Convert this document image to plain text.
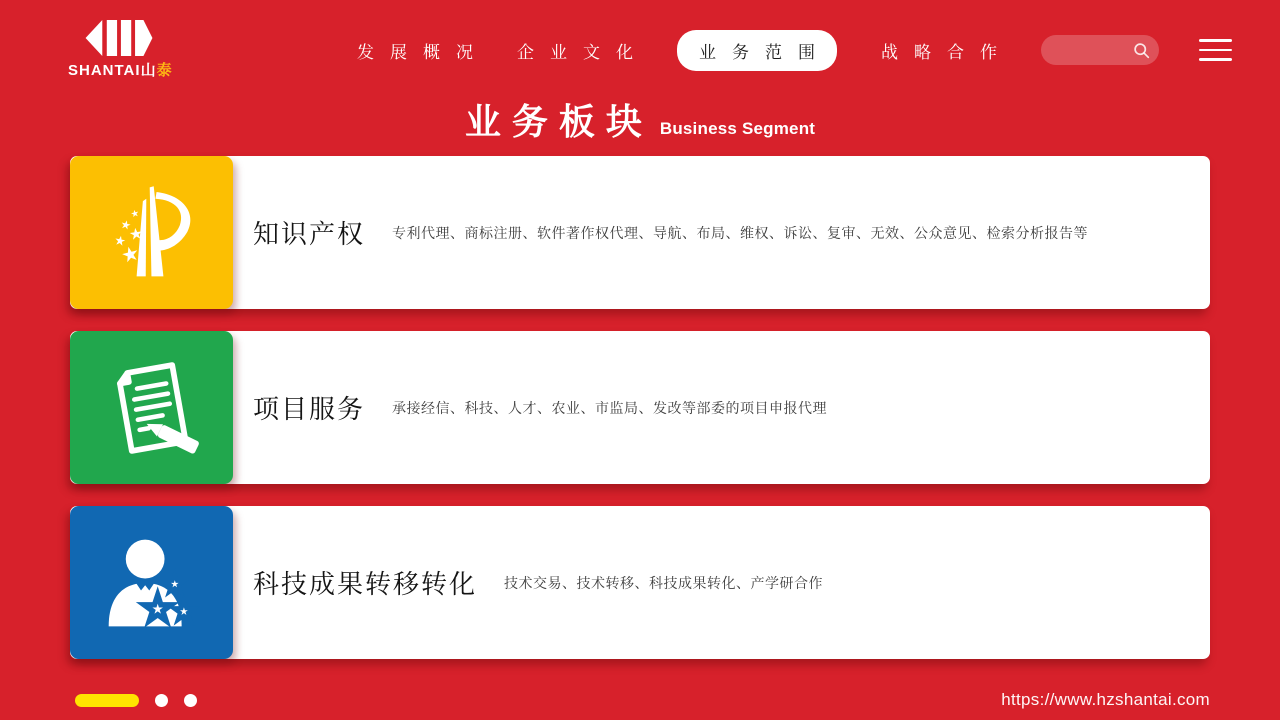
SHANTAI山泰
发展概况 企业文化	业务范围	战略合作
业务板块 Business Segment
知识产权 专利代理、商标注册、软件著作权代理、导航、布局、维权、诉讼、复审、无效、公众意见、检索分析报告等
项目服务 承接经信、科技、人才、农业、市监局、发改等部委的项目申报代理
科技成果转移转化 技术交易、技术转移、科技成果转化、产学研合作
https://www.hzshantai.com
